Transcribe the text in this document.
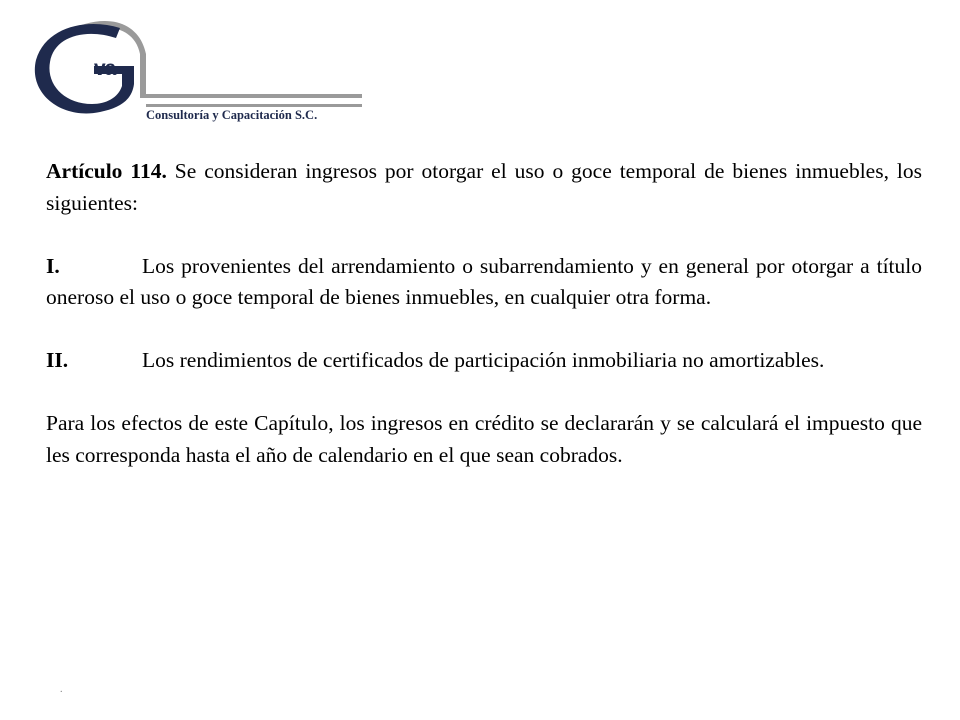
va
Consultoría y Capacitación S.C.

Artículo 114. Se consideran ingresos por otorgar el uso o goce temporal de bienes inmuebles, los siguientes:

I.	Los provenientes del arrendamiento o subarrendamiento y en general por otorgar a título oneroso el uso o goce temporal de bienes inmuebles, en cualquier otra forma.

II.	Los rendimientos de certificados de participación inmobiliaria no amortizables.

Para los efectos de este Capítulo, los ingresos en crédito se declararán y se calculará el impuesto que les corresponda hasta el año de calendario en el que sean cobrados.

.
